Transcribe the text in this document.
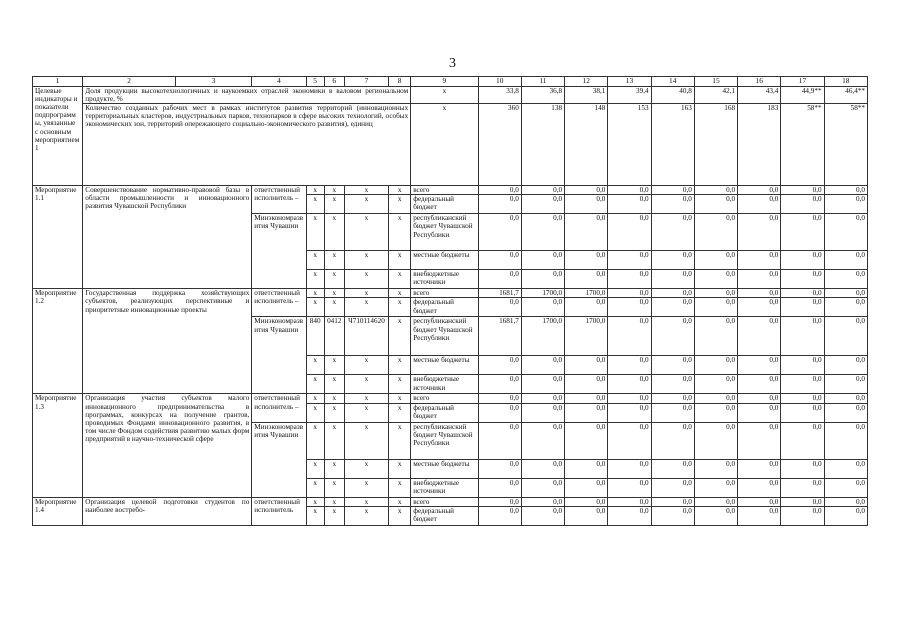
3
1	2	3	4	5	6	7	8	9	10	11	12	13	14	15	16	17	18
Целевые индикаторы и показатели подпрограммы, увязанные с основным мероприятием 1	Доля продукции высокотехнологичных и наукоемких отраслей экономики в валовом региональном продукте, %							x	33,8	36,8	38,1	39,4	40,8	42,1	43,4	44,9**	46,4**
	Количество созданных рабочих мест в рамках институтов развития территорий (инновационных территориальных кластеров, индустриальных парков, технопарков в сфере высоких технологий, особых экономических зон, территорий опережающего социально-экономического развития), единиц							x	360	138	148	153	163	168	183	58**	58**
Мероприятие 1.1	Совершенствование нормативно-правовой базы в области промышленности и инновационного развития Чувашской Республики		ответственный исполнитель –	x	x	x	x	всего	0,0	0,0	0,0	0,0	0,0	0,0	0,0	0,0	0,0
				x	x	x	x	федеральный бюджет	0,0	0,0	0,0	0,0	0,0	0,0	0,0	0,0	0,0
			Минэкономразвития Чувашии	x	x	x	x	республиканский бюджет Чувашской Республики	0,0	0,0	0,0	0,0	0,0	0,0	0,0	0,0	0,0
				x	x	x	x	местные бюджеты	0,0	0,0	0,0	0,0	0,0	0,0	0,0	0,0	0,0
				x	x	x	x	внебюджетные источники	0,0	0,0	0,0	0,0	0,0	0,0	0,0	0,0	0,0
Мероприятие 1.2	Государственная поддержка хозяйствующих субъектов, реализующих перспективные и приоритетные инновационные проекты		ответственный исполнитель –	x	x	x	x	всего	1681,7	1700,0	1700,0	0,0	0,0	0,0	0,0	0,0	0,0
				x	x	x	x	федеральный бюджет	0,0	0,0	0,0	0,0	0,0	0,0	0,0	0,0	0,0
			Минэкономразвития Чувашии	840	0412	Ч710114620	x	республиканский бюджет Чувашской Республики	1681,7	1700,0	1700,0	0,0	0,0	0,0	0,0	0,0	0,0
				x	x	x	x	местные бюджеты	0,0	0,0	0,0	0,0	0,0	0,0	0,0	0,0	0,0
				x	x	x	x	внебюджетные источники	0,0	0,0	0,0	0,0	0,0	0,0	0,0	0,0	0,0
Мероприятие 1.3	Организация участия субъектов малого инновационного предпринимательства в программах, конкурсах на получение грантов, проводимых Фондами инновационного развития, в том числе Фондом содействия развитию малых форм предприятий в научно-технической сфере		ответственный исполнитель –	x	x	x	x	всего	0,0	0,0	0,0	0,0	0,0	0,0	0,0	0,0	0,0
				x	x	x	x	федеральный бюджет	0,0	0,0	0,0	0,0	0,0	0,0	0,0	0,0	0,0
			Минэкономразвития Чувашии	x	x	x	x	республиканский бюджет Чувашской Республики	0,0	0,0	0,0	0,0	0,0	0,0	0,0	0,0	0,0
				x	x	x	x	местные бюджеты	0,0	0,0	0,0	0,0	0,0	0,0	0,0	0,0	0,0
				x	x	x	x	внебюджетные источники	0,0	0,0	0,0	0,0	0,0	0,0	0,0	0,0	0,0
Мероприятие 1.4	Организация целевой подготовки студентов по наиболее востребо-		ответственный исполнитель	x	x	x	x	всего	0,0	0,0	0,0	0,0	0,0	0,0	0,0	0,0	0,0
				x	x	x	x	федеральный бюджет	0,0	0,0	0,0	0,0	0,0	0,0	0,0	0,0	0,0
